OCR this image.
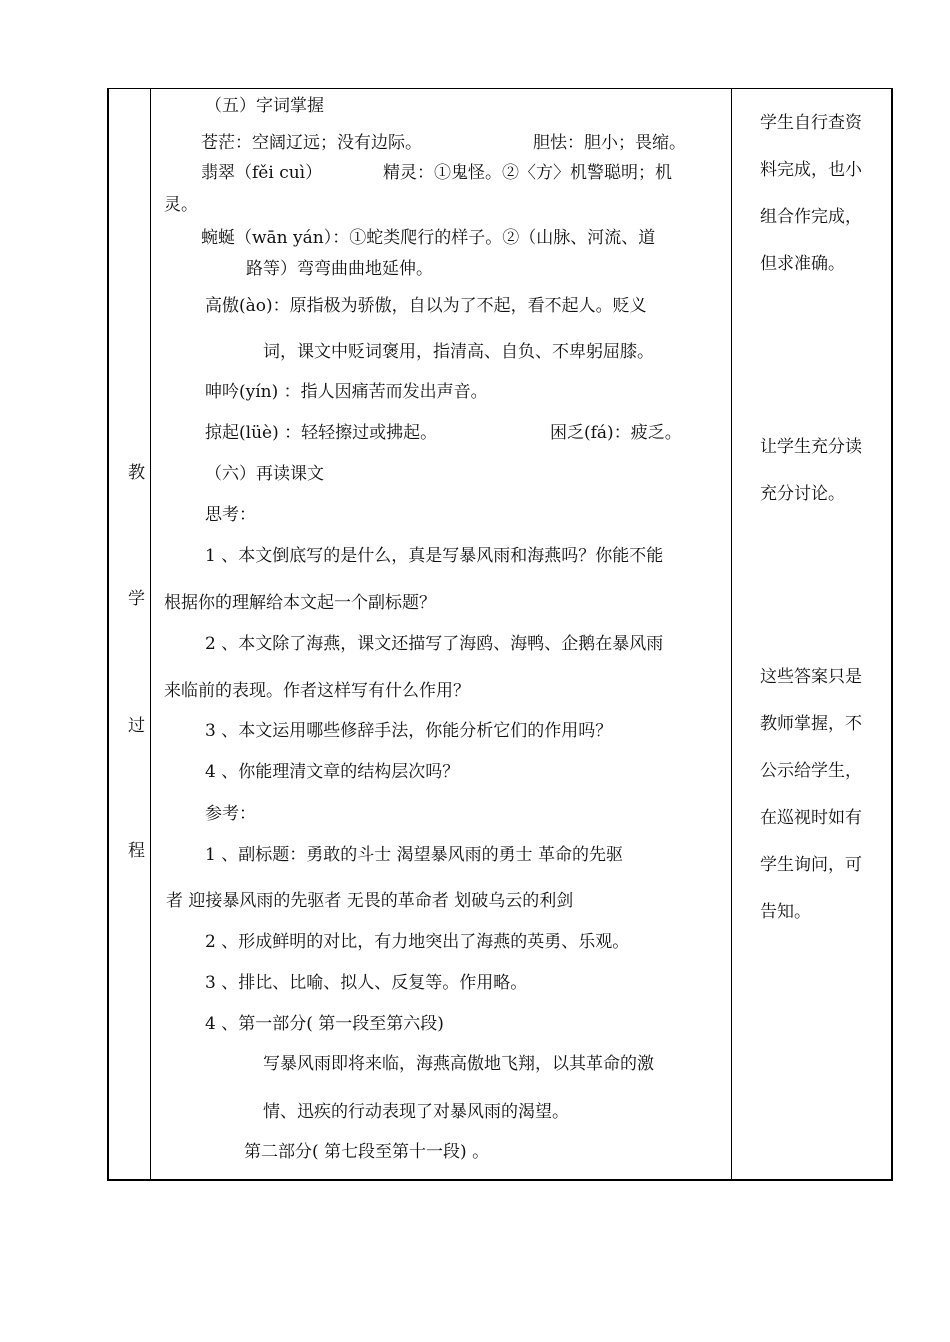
教
学
过
程
（五）字词掌握
苍茫：空阔辽远；没有边际。	胆怯：胆小；畏缩。
翡翠（fěi cuì）	精灵：①鬼怪。②〈方〉机警聪明；机
灵。
蜿蜒（wān yán）：①蛇类爬行的样子。②（山脉、河流、道
路等）弯弯曲曲地延伸。
高傲(ào)：原指极为骄傲，自以为了不起，看不起人。贬义
词，课文中贬词褒用，指清高、自负、不卑躬屈膝。
呻吟(yín) ：指人因痛苦而发出声音。
掠起(lüè) ：轻轻擦过或拂起。	困乏(fá)：疲乏。
（六）再读课文
思考：
1 、本文倒底写的是什么，真是写暴风雨和海燕吗？你能不能
根据你的理解给本文起一个副标题？
2 、本文除了海燕，课文还描写了海鸥、海鸭、企鹅在暴风雨
来临前的表现。作者这样写有什么作用？
3 、本文运用哪些修辞手法，你能分析它们的作用吗？
4 、你能理清文章的结构层次吗？
参考：
1 、副标题：勇敢的斗士 渴望暴风雨的勇士 革命的先驱
者 迎接暴风雨的先驱者 无畏的革命者 划破乌云的利剑
2 、形成鲜明的对比，有力地突出了海燕的英勇、乐观。
3 、排比、比喻、拟人、反复等。作用略。
4 、第一部分( 第一段至第六段)
写暴风雨即将来临，海燕高傲地飞翔，以其革命的激
情、迅疾的行动表现了对暴风雨的渴望。
第二部分( 第七段至第十一段) 。
学生自行查资
料完成，也小
组合作完成，
但求准确。
让学生充分读
充分讨论。
这些答案只是
教师掌握，不
公示给学生，
在巡视时如有
学生询问，可
告知。
